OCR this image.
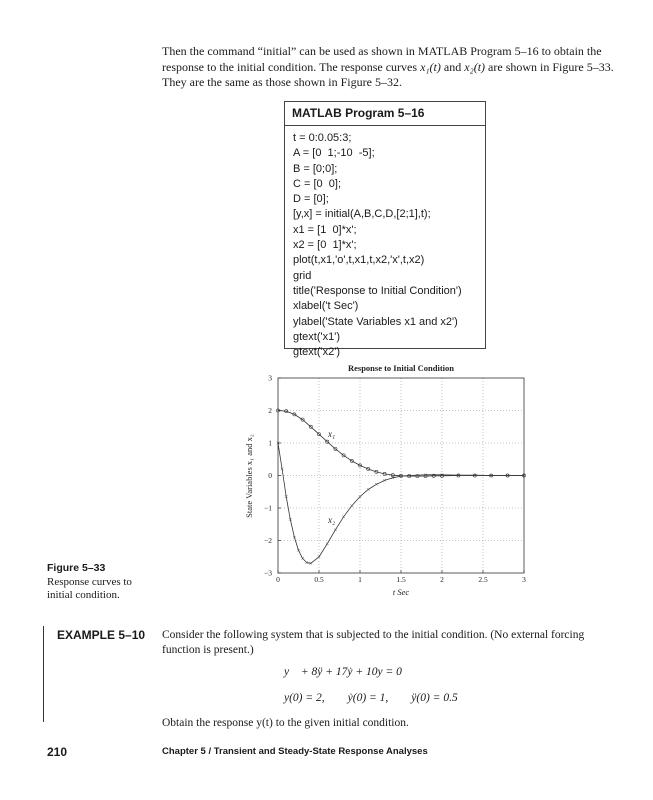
Then the command “initial” can be used as shown in MATLAB Program 5–16 to obtain the response to the initial condition. The response curves x₁(t) and x₂(t) are shown in Figure 5–33. They are the same as those shown in Figure 5–32.
MATLAB Program 5–16
t = 0:0.05:3;
A = [0  1;-10  -5];
B = [0;0];
C = [0  0];
D = [0];
[y,x] = initial(A,B,C,D,[2;1],t);
x1 = [1  0]*x';
x2 = [0  1]*x';
plot(t,x1,'o',t,x1,t,x2,'x',t,x2)
grid
title('Response to Initial Condition')
xlabel('t Sec')
ylabel('State Variables x1 and x2')
gtext('x1')
gtext('x2')
Response to Initial Condition
0	0.5	1	1.5	2	2.5	3
3
2
1
0
−1
−2
−3
x₁
x₂
t Sec
State Variables x₁ and x₂
Figure 5–33
Response curves to initial condition.
EXAMPLE 5–10 Consider the following system that is subjected to the initial condition. (No external forcing function is present.)
y⃛ + 8ÿ + 17ẏ + 10y = 0
y(0) = 2,        ẏ(0) = 1,        ÿ(0) = 0.5
Obtain the response y(t) to the given initial condition.
210	Chapter 5 / Transient and Steady-State Response Analyses
